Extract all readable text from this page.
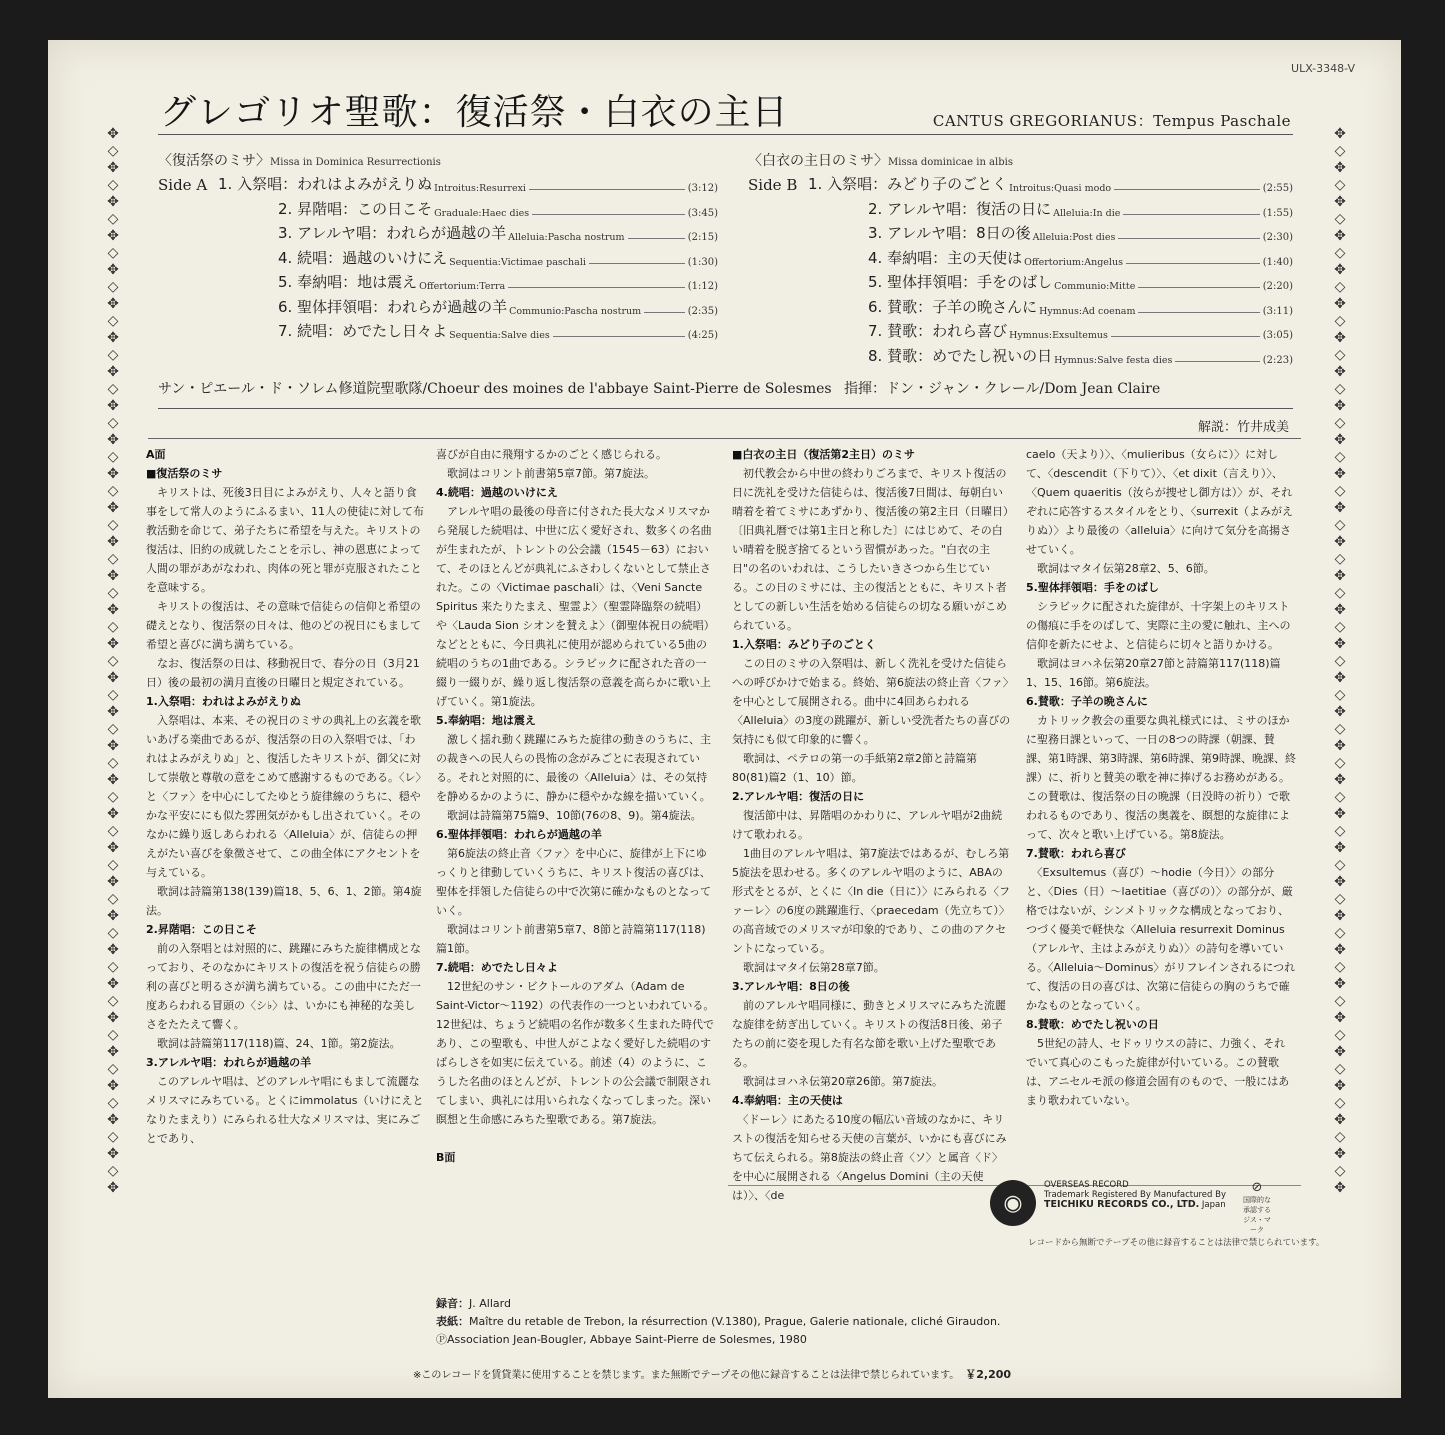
ULX-3348-V
グレゴリオ聖歌：復活祭・白衣の主日	CANTUS GREGORIANUS：Tempus Paschale
✥
◇
✥
◇
✥
◇
✥
◇
✥
◇
✥
◇
✥
◇
✥
◇
✥
◇
✥
◇
✥
◇
✥
◇
✥
◇
✥
◇
✥
◇
✥
◇
✥
◇
✥
◇
✥
◇
✥
◇
✥
◇
✥
◇
✥
◇
✥
◇
✥
◇
✥
◇
✥
◇
✥
◇
✥
◇
✥
◇
✥
◇
✥
✥
◇
✥
◇
✥
◇
✥
◇
✥
◇
✥
◇
✥
◇
✥
◇
✥
◇
✥
◇
✥
◇
✥
◇
✥
◇
✥
◇
✥
◇
✥
◇
✥
◇
✥
◇
✥
◇
✥
◇
✥
◇
✥
◇
✥
◇
✥
◇
✥
◇
✥
◇
✥
◇
✥
◇
✥
◇
✥
◇
✥
◇
✥
〈復活祭のミサ〉Missa in Dominica Resurrectionis
Side A 1. 入祭唱：われはよみがえりぬ Introitus:Resurrexi	(3:12)
2. 昇階唱：この日こそ Graduale:Haec dies	(3:45)
3. アレルヤ唱：われらが過越の羊 Alleluia:Pascha nostrum	(2:15)
4. 続唱：過越のいけにえ Sequentia:Victimae paschali	(1:30)
5. 奉納唱：地は震え Offertorium:Terra	(1:12)
6. 聖体拝領唱：われらが過越の羊 Communio:Pascha nostrum	(2:35)
7. 続唱：めでたし日々よ Sequentia:Salve dies	(4:25)
〈白衣の主日のミサ〉Missa dominicae in albis
Side B 1. 入祭唱：みどり子のごとく Introitus:Quasi modo	(2:55)
2. アレルヤ唱：復活の日に Alleluia:In die	(1:55)
3. アレルヤ唱：8日の後 Alleluia:Post dies	(2:30)
4. 奉納唱：主の天使は Offertorium:Angelus	(1:40)
5. 聖体拝領唱：手をのばし Communio:Mitte	(2:20)
6. 賛歌：子羊の晩さんに Hymnus:Ad coenam	(3:11)
7. 賛歌：われら喜び Hymnus:Exsultemus	(3:05)
8. 賛歌：めでたし祝いの日 Hymnus:Salve festa dies	(2:23)
サン・ピエール・ド・ソレム修道院聖歌隊/Choeur des moines de l'abbaye Saint-Pierre de Solesmes 指揮：ドン・ジャン・クレール/Dom Jean Claire
解説：竹井成美

A面

■復活祭のミサ

　キリストは、死後3日目によみがえり、人々と語り食事をして常人のようにふるまい、11人の使徒に対して布教活動を命じて、弟子たちに希望を与えた。キリストの復活は、旧約の成就したことを示し、神の恩恵によって人間の罪があがなわれ、肉体の死と罪が克服されたことを意味する。

　キリストの復活は、その意味で信徒らの信仰と希望の礎えとなり、復活祭の日々は、他のどの祝日にもまして希望と喜びに満ち満ちている。

　なお、復活祭の日は、移動祝日で、春分の日（3月21日）後の最初の満月直後の日曜日と規定されている。

1.入祭唱：われはよみがえりぬ

　入祭唱は、本来、その祝日のミサの典礼上の玄義を歌いあげる楽曲であるが、復活祭の日の入祭唱では、「われはよみがえりぬ」と、復活したキリストが、御父に対して崇敬と尊敬の意をこめて感謝するものである。〈レ〉と〈ファ〉を中心にしてたゆとう旋律線のうちに、穏やかな平安ににも似た雰囲気がかもし出されていく。そのなかに繰り返しあらわれる〈Alleluia〉が、信徒らの押えがたい喜びを象徴させて、この曲全体にアクセントを与えている。

　歌詞は詩篇第138(139)篇18、5、6、1、2節。第4旋法。

2.昇階唱：この日こそ

　前の入祭唱とは対照的に、跳躍にみちた旋律構成となっており、そのなかにキリストの復活を祝う信徒らの勝利の喜びと明るさが満ち満ちている。この曲中にただ一度あらわれる冒頭の〈シ♭〉は、いかにも神秘的な美しさをたたえて響く。

　歌詞は詩篇第117(118)篇、24、1節。第2旋法。

3.アレルヤ唱：われらが過越の羊

　このアレルヤ唱は、どのアレルヤ唱にもまして流麗なメリスマにみちている。とくにimmolatus（いけにえとなりたまえり）にみられる壮大なメリスマは、実にみごとであり、

喜びが自由に飛翔するかのごとく感じられる。

　歌詞はコリント前書第5章7節。第7旋法。

4.続唱：過越のいけにえ

　アレルヤ唱の最後の母音に付された長大なメリスマから発展した続唱は、中世に広く愛好され、数多くの名曲が生まれたが、トレントの公会議（1545－63）において、そのほとんどが典礼にふさわしくないとして禁止された。この〈Victimae paschali〉は、〈Veni Sancte Spiritus 来たりたまえ、聖霊よ〉（聖霊降臨祭の続唱）や〈Lauda Sion シオンを賛えよ〉（御聖体祝日の続唱）などとともに、今日典礼に使用が認められている5曲の続唱のうちの1曲である。シラビックに配された音の一綴り一綴りが、繰り返し復活祭の意義を高らかに歌い上げていく。第1旋法。

5.奉納唱：地は震え

　激しく揺れ動く跳躍にみちた旋律の動きのうちに、主の裁きへの民人らの畏怖の念がみごとに表現されている。それと対照的に、最後の〈Alleluia〉は、その気持を静めるかのように、静かに穏やかな線を描いていく。

　歌詞は詩篇第75篇9、10節(76の8、9)。第4旋法。

6.聖体拝領唱：われらが過越の羊

　第6旋法の終止音〈ファ〉を中心に、旋律が上下にゆっくりと律動していくうちに、キリスト復活の喜びは、聖体を拝領した信徒らの中で次第に確かなものとなっていく。

　歌詞はコリント前書第5章7、8節と詩篇第117(118)篇1節。

7.続唱：めでたし日々よ

　12世紀のサン・ビクトールのアダム（Adam de Saint-Victor～1192）の代表作の一つといわれている。12世紀は、ちょうど続唱の名作が数多く生まれた時代であり、この聖歌も、中世人がこよなく愛好した続唱のすばらしさを如実に伝えている。前述（4）のように、こうした名曲のほとんどが、トレントの公会議で制限されてしまい、典礼には用いられなくなってしまった。深い瞑想と生命感にみちた聖歌である。第7旋法。

B面

■白衣の主日（復活第2主日）のミサ

　初代教会から中世の終わりごろまで、キリスト復活の日に洗礼を受けた信徒らは、復活後7日間は、毎朝白い晴着を着てミサにあずかり、復活後の第2主日（日曜日）〔旧典礼暦では第1主日と称した〕にはじめて、その白い晴着を脱ぎ捨てるという習慣があった。"白衣の主日"の名のいわれは、こうしたいきさつから生じている。この日のミサには、主の復活とともに、キリスト者としての新しい生活を始める信徒らの切なる願いがこめられている。

1.入祭唱：みどり子のごとく

　この日のミサの入祭唱は、新しく洗礼を受けた信徒らへの呼びかけで始まる。終始、第6旋法の終止音〈ファ〉を中心として展開される。曲中に4回あらわれる〈Alleluia〉の3度の跳躍が、新しい受洗者たちの喜びの気持にも似て印象的に響く。

　歌詞は、ペテロの第一の手紙第2章2節と詩篇第80(81)篇2（1、10）節。

2.アレルヤ唱：復活の日に

　復活節中は、昇階唱のかわりに、アレルヤ唱が2曲続けて歌われる。

　1曲目のアレルヤ唱は、第7旋法ではあるが、むしろ第5旋法を思わせる。多くのアレルヤ唱のように、ABAの形式をとるが、とくに〈In die（日に）〉にみられる〈ファーレ〉の6度の跳躍進行、〈praecedam（先立ちて）〉の高音域でのメリスマが印象的であり、この曲のアクセントになっている。

　歌詞はマタイ伝第28章7節。

3.アレルヤ唱：8日の後

　前のアレルヤ唱同様に、動きとメリスマにみちた流麗な旋律を紡ぎ出していく。キリストの復活8日後、弟子たちの前に姿を現した有名な節を歌い上げた聖歌である。

　歌詞はヨハネ伝第20章26節。第7旋法。

4.奉納唱：主の天使は

　〈ドーレ〉にあたる10度の幅広い音域のなかに、キリストの復活を知らせる天使の言葉が、いかにも喜びにみちて伝えられる。第8旋法の終止音〈ソ〉と属音〈ド〉を中心に展開される〈Angelus Domini（主の天使は）〉、〈de

caelo（天より）〉、〈mulieribus（女らに）〉に対して、〈descendit（下りて）〉、〈et dixit（言えり）〉、〈Quem quaeritis（汝らが捜せし御方は）〉が、それぞれに応答するスタイルをとり、〈surrexit（よみがえりぬ）〉より最後の〈alleluia〉に向けて気分を高揚させていく。

　歌詞はマタイ伝第28章2、5、6節。

5.聖体拝領唱：手をのばし

　シラビックに配された旋律が、十字架上のキリストの傷痕に手をのばして、実際に主の愛に触れ、主への信仰を新たにせよ、と信徒らに切々と語りかける。

　歌詞はヨハネ伝第20章27節と詩篇第117(118)篇1、15、16節。第6旋法。

6.賛歌：子羊の晩さんに

　カトリック教会の重要な典礼様式には、ミサのほかに聖務日課といって、一日の8つの時課（朝課、賛課、第1時課、第3時課、第6時課、第9時課、晩課、終課）に、祈りと賛美の歌を神に捧げるお務めがある。この賛歌は、復活祭の日の晩課（日没時の祈り）で歌われるものであり、復活の奥義を、瞑想的な旋律によって、次々と歌い上げている。第8旋法。

7.賛歌：われら喜び

　〈Exsultemus（喜び）～hodie（今日）〉の部分と、〈Dies（日）～laetitiae（喜びの）〉の部分が、厳格ではないが、シンメトリックな構成となっており、つづく優美で軽快な〈Alleluia resurrexit Dominus（アレルヤ、主はよみがえりぬ）〉の詩句を導いている。〈Alleluia～Dominus〉がリフレインされるにつれて、復活の日の喜びは、次第に信徒らの胸のうちで確かなものとなっていく。

8.賛歌：めでたし祝いの日

　5世紀の詩人、セドゥリウスの詩に、力強く、それでいて真心のこもった旋律が付いている。この賛歌は、アニセルモ派の修道会固有のもので、一般にはあまり歌われていない。

◉
OVERSEAS RECORD
Trademark Registered By Manufactured By
TEICHIKU RECORDS CO., LTD. Japan
⊘
国際的な承認する ジス・マーク
レコードから無断でテープその他に録音することは法律で禁じられています。
録音：J. Allard
表紙：Maître du retable de Trebon, la résurrection (V.1380), Prague, Galerie nationale, cliché Giraudon.
ⓅAssociation Jean-Bougler, Abbaye Saint-Pierre de Solesmes, 1980
※このレコードを賃貸業に使用することを禁じます。また無断でテープその他に録音することは法律で禁じられています。 ￥2,200
